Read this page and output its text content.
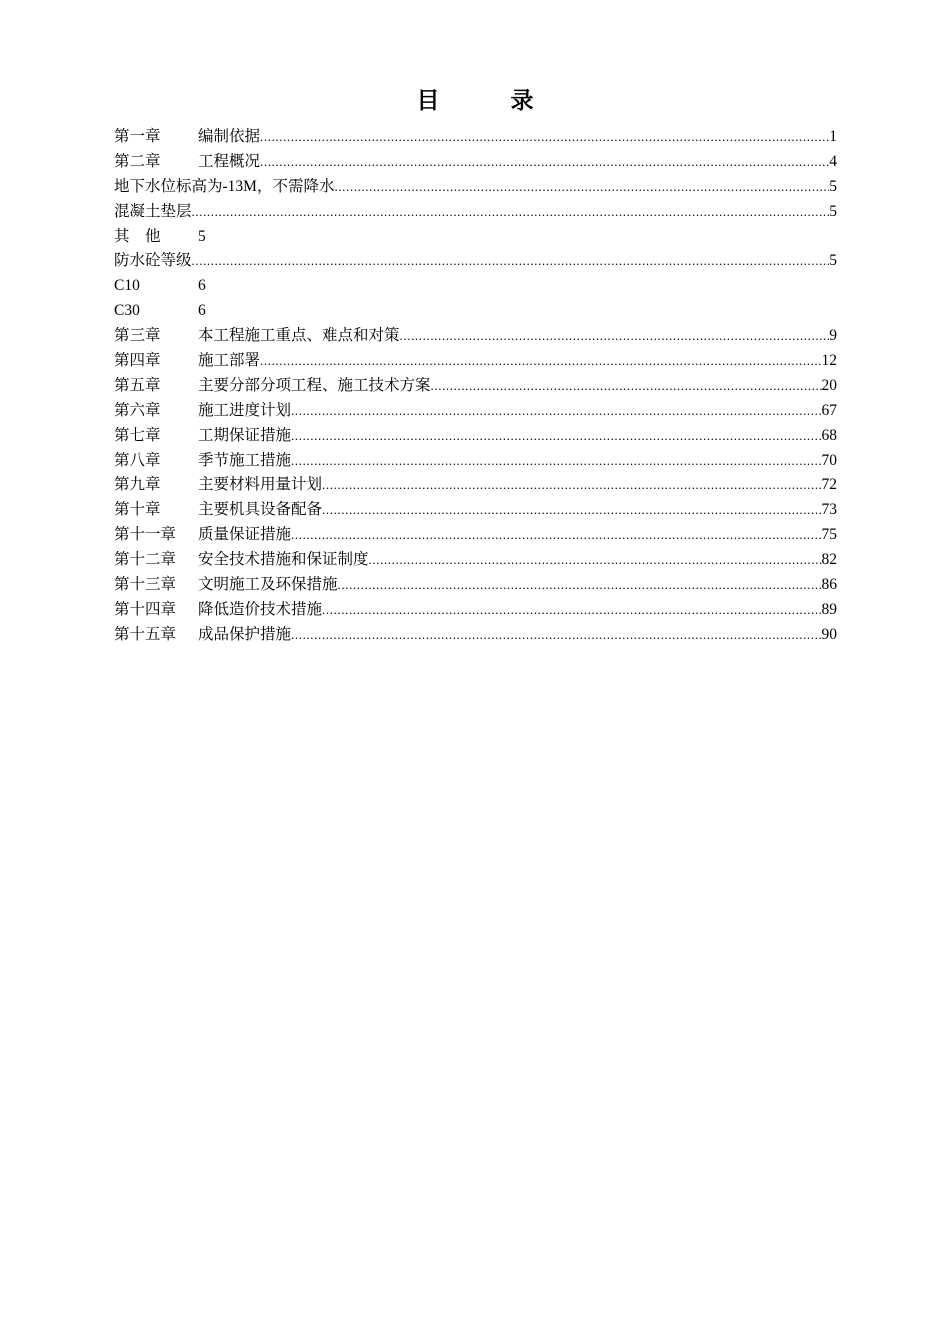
目　录
第一章	编制依据 .....	1
第二章	工程概况 .....	4
地下水位标高为-13M，不需降水 .....	5
混凝土垫层 .....	5
其　他	5
防水砼等级 .....	5
C10	6
C30	6
第三章	本工程施工重点、难点和对策 .....	9
第四章	施工部署 .....	12
第五章	主要分部分项工程、施工技术方案 .....	20
第六章	施工进度计划 .....	67
第七章	工期保证措施 .....	68
第八章	季节施工措施 .....	70
第九章	主要材料用量计划 .....	72
第十章	主要机具设备配备 .....	73
第十一章	质量保证措施 .....	75
第十二章	安全技术措施和保证制度 .....	82
第十三章	文明施工及环保措施 .....	86
第十四章	降低造价技术措施 .....	89
第十五章	成品保护措施 .....	90
